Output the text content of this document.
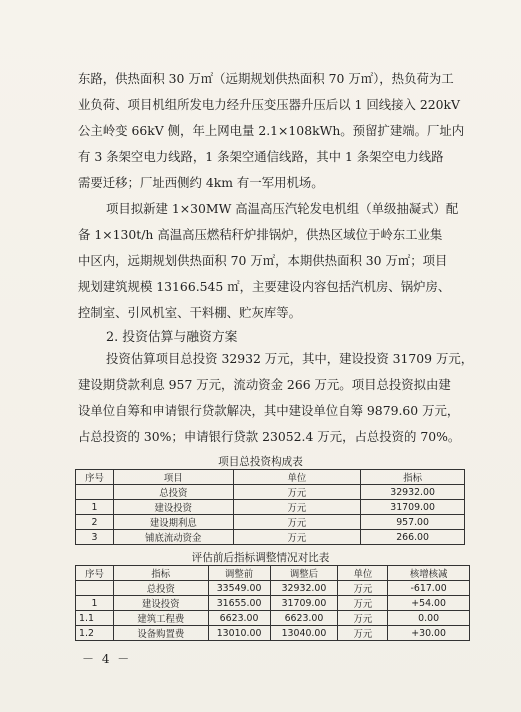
东路，供热面积 30 万㎡（远期规划供热面积 70 万㎡），热负荷为工
业负荷、项目机组所发电力经升压变压器升压后以 1 回线接入 220kV
公主岭变 66kV 侧，年上网电量 2.1×108kWh。预留扩建端。厂址内
有 3 条架空电力线路，1 条架空通信线路，其中 1 条架空电力线路
需要迁移；厂址西侧约 4km 有一军用机场。
项目拟新建 1×30MW 高温高压汽轮发电机组（单级抽凝式）配
备 1×130t/h 高温高压燃秸秆炉排锅炉，供热区域位于岭东工业集
中区内，远期规划供热面积 70 万㎡，本期供热面积 30 万㎡；项目
规划建筑规模 13166.545 ㎡，主要建设内容包括汽机房、锅炉房、
控制室、引风机室、干料棚、贮灰库等。
2. 投资估算与融资方案
投资估算项目总投资 32932 万元，其中，建设投资 31709 万元，
建设期贷款利息 957 万元，流动资金 266 万元。项目总投资拟由建
设单位自筹和申请银行贷款解决，其中建设单位自筹 9879.60 万元，
占总投资的 30%；申请银行贷款 23052.4 万元，占总投资的 70%。
项目总投资构成表
序号	项目	单位	指标
	总投资	万元	32932.00
1	建设投资	万元	31709.00
2	建设期利息	万元	957.00
3	铺底流动资金	万元	266.00
评估前后指标调整情况对比表
序号	指标	调整前	调整后	单位	核增核减
	总投资	33549.00	32932.00	万元	-617.00
1	建设投资	31655.00	31709.00	万元	+54.00
1.1	建筑工程费	6623.00	6623.00	万元	0.00
1.2	设备购置费	13010.00	13040.00	万元	+30.00
－ 4 －
